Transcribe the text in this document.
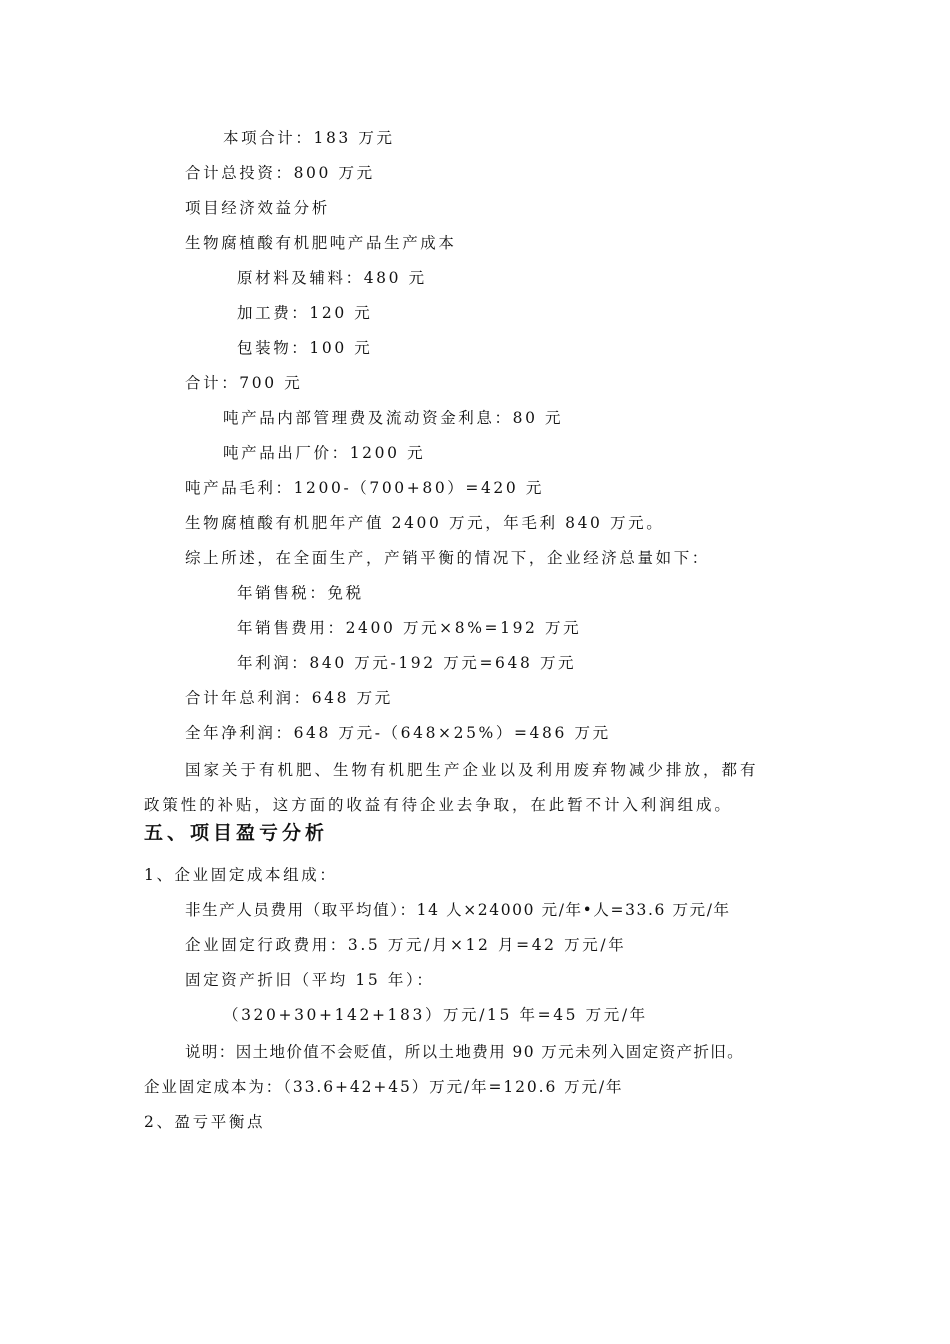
本项合计：183 万元
合计总投资：800 万元
项目经济效益分析
生物腐植酸有机肥吨产品生产成本
原材料及辅料：480 元
加工费：120 元
包装物：100 元
合计：700 元
吨产品内部管理费及流动资金利息：80 元
吨产品出厂价：1200 元
吨产品毛利：1200-（700+80）=420 元
生物腐植酸有机肥年产值 2400 万元，年毛利 840 万元。
综上所述，在全面生产，产销平衡的情况下，企业经济总量如下：
年销售税：免税
年销售费用：2400 万元×8%=192 万元
年利润：840 万元-192 万元=648 万元
合计年总利润：648 万元
全年净利润：648 万元-（648×25%）=486 万元
国家关于有机肥、生物有机肥生产企业以及利用废弃物减少排放，都有
政策性的补贴，这方面的收益有待企业去争取，在此暂不计入利润组成。
五、项目盈亏分析
1、企业固定成本组成：
非生产人员费用（取平均值）：14 人×24000 元/年•人=33.6 万元/年
企业固定行政费用：3.5 万元/月×12 月=42 万元/年
固定资产折旧（平均 15 年）：
（320+30+142+183）万元/15 年=45 万元/年
说明：因土地价值不会贬值，所以土地费用 90 万元未列入固定资产折旧。
企业固定成本为：（33.6+42+45）万元/年=120.6 万元/年
2、盈亏平衡点
